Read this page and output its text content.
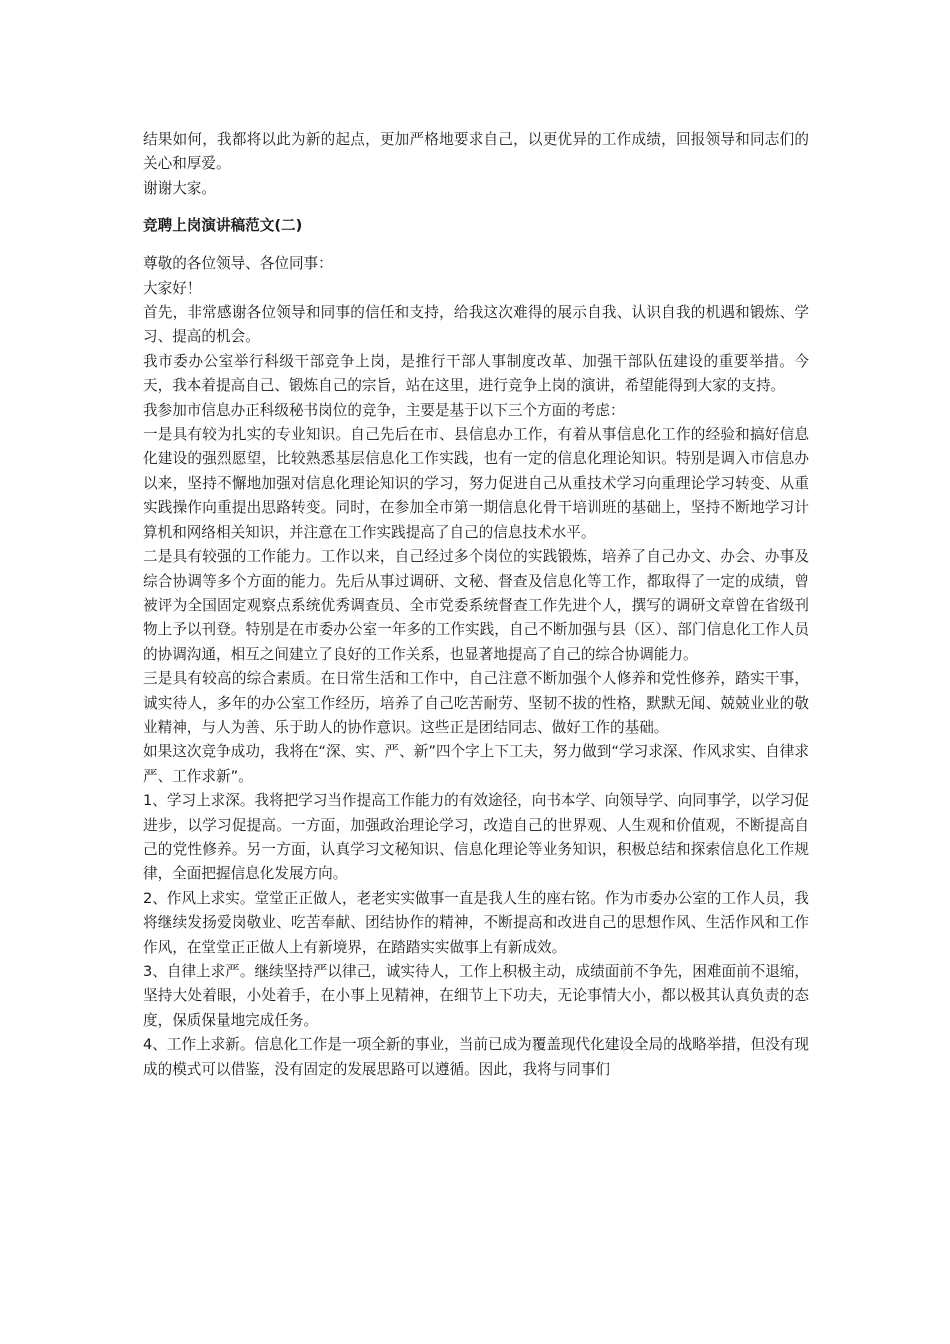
结果如何，我都将以此为新的起点，更加严格地要求自己，以更优异的工作成绩，回报领导和同志们的关心和厚爱。

谢谢大家。

竞聘上岗演讲稿范文(二)

尊敬的各位领导、各位同事：

大家好！

首先，非常感谢各位领导和同事的信任和支持，给我这次难得的展示自我、认识自我的机遇和锻炼、学习、提高的机会。

我市委办公室举行科级干部竞争上岗，是推行干部人事制度改革、加强干部队伍建设的重要举措。今天，我本着提高自己、锻炼自己的宗旨，站在这里，进行竞争上岗的演讲，希望能得到大家的支持。

我参加市信息办正科级秘书岗位的竞争，主要是基于以下三个方面的考虑：

一是具有较为扎实的专业知识。自己先后在市、县信息办工作，有着从事信息化工作的经验和搞好信息化建设的强烈愿望，比较熟悉基层信息化工作实践，也有一定的信息化理论知识。特别是调入市信息办以来，坚持不懈地加强对信息化理论知识的学习，努力促进自己从重技术学习向重理论学习转变、从重实践操作向重提出思路转变。同时，在参加全市第一期信息化骨干培训班的基础上，坚持不断地学习计算机和网络相关知识，并注意在工作实践提高了自己的信息技术水平。

二是具有较强的工作能力。工作以来，自己经过多个岗位的实践锻炼，培养了自己办文、办会、办事及综合协调等多个方面的能力。先后从事过调研、文秘、督查及信息化等工作，都取得了一定的成绩，曾被评为全国固定观察点系统优秀调查员、全市党委系统督查工作先进个人，撰写的调研文章曾在省级刊物上予以刊登。特别是在市委办公室一年多的工作实践，自己不断加强与县（区）、部门信息化工作人员的协调沟通，相互之间建立了良好的工作关系，也显著地提高了自己的综合协调能力。

三是具有较高的综合素质。在日常生活和工作中，自己注意不断加强个人修养和党性修养，踏实干事，诚实待人，多年的办公室工作经历，培养了自己吃苦耐劳、坚韧不拔的性格，默默无闻、兢兢业业的敬业精神，与人为善、乐于助人的协作意识。这些正是团结同志、做好工作的基础。

如果这次竞争成功，我将在“深、实、严、新”四个字上下工夫，努力做到“学习求深、作风求实、自律求严、工作求新”。

1、学习上求深。我将把学习当作提高工作能力的有效途径，向书本学、向领导学、向同事学，以学习促进步，以学习促提高。一方面，加强政治理论学习，改造自己的世界观、人生观和价值观，不断提高自己的党性修养。另一方面，认真学习文秘知识、信息化理论等业务知识，积极总结和探索信息化工作规律，全面把握信息化发展方向。

2、作风上求实。堂堂正正做人，老老实实做事一直是我人生的座右铭。作为市委办公室的工作人员，我将继续发扬爱岗敬业、吃苦奉献、团结协作的精神，不断提高和改进自己的思想作风、生活作风和工作作风，在堂堂正正做人上有新境界，在踏踏实实做事上有新成效。

3、自律上求严。继续坚持严以律己，诚实待人，工作上积极主动，成绩面前不争先，困难面前不退缩，坚持大处着眼，小处着手，在小事上见精神，在细节上下功夫，无论事情大小，都以极其认真负责的态度，保质保量地完成任务。

4、工作上求新。信息化工作是一项全新的事业，当前已成为覆盖现代化建设全局的战略举措，但没有现成的模式可以借鉴，没有固定的发展思路可以遵循。因此，我将与同事们
